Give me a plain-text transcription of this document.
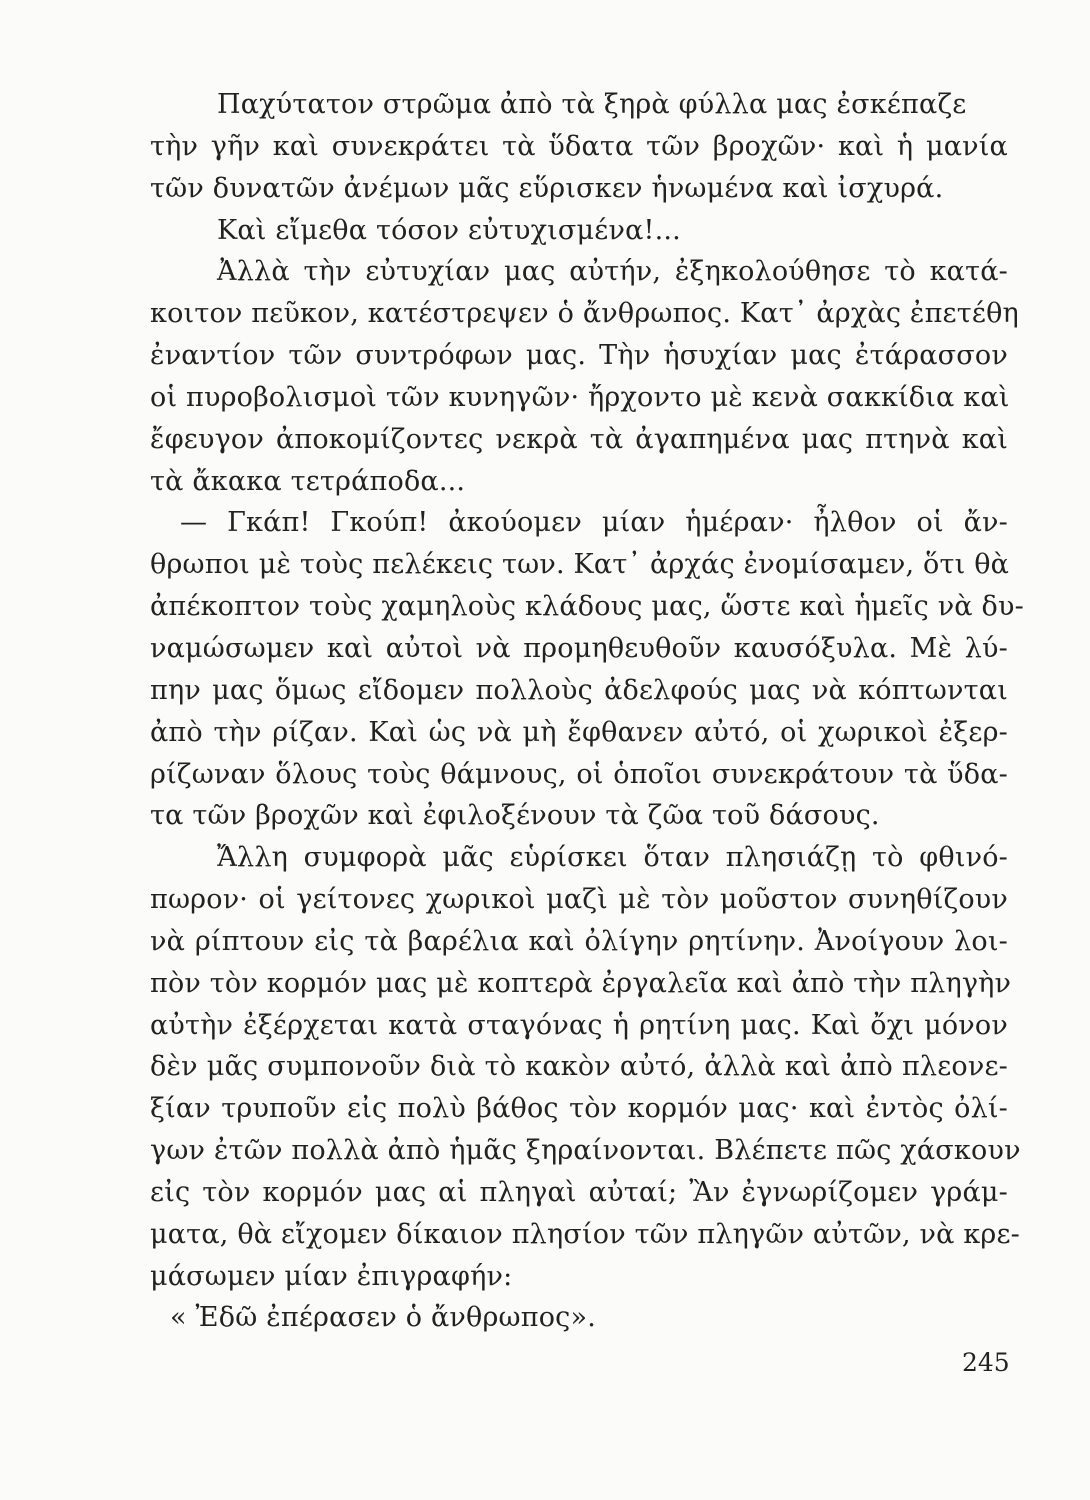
Παχύτατον στρῶμα ἀπὸ τὰ ξηρὰ φύλλα μας ἐσκέπαζε
τὴν γῆν καὶ συνεκράτει τὰ ὕδατα τῶν βροχῶν· καὶ ἡ μανία
τῶν δυνατῶν ἀνέμων μᾶς εὕρισκεν ἡνωμένα καὶ ἰσχυρά.
Καὶ εἴμεθα τόσον εὐτυχισμένα!...
Ἀλλὰ τὴν εὐτυχίαν μας αὐτήν, ἐξηκολούθησε τὸ κατά-
κοιτον πεῦκον, κατέστρεψεν ὁ ἄνθρωπος. Κατ᾽ ἀρχὰς ἐπετέθη
ἐναντίον τῶν συντρόφων μας. Τὴν ἡσυχίαν μας ἐτάρασσον
οἱ πυροβολισμοὶ τῶν κυνηγῶν· ἤρχοντο μὲ κενὰ σακκίδια καὶ
ἔφευγον ἀποκομίζοντες νεκρὰ τὰ ἀγαπημένα μας πτηνὰ καὶ
τὰ ἄκακα τετράποδα...
— Γκάπ! Γκούπ! ἀκούομεν μίαν ἡμέραν· ἦλθον οἱ ἄν-
θρωποι μὲ τοὺς πελέκεις των. Κατ᾽ ἀρχάς ἐνομίσαμεν, ὅτι θὰ
ἀπέκοπτον τοὺς χαμηλοὺς κλάδους μας, ὥστε καὶ ἡμεῖς νὰ δυ-
ναμώσωμεν καὶ αὐτοὶ νὰ προμηθευθοῦν καυσόξυλα. Μὲ λύ-
πην μας ὅμως εἴδομεν πολλοὺς ἀδελφούς μας νὰ κόπτωνται
ἀπὸ τὴν ρίζαν. Καὶ ὡς νὰ μὴ ἔφθανεν αὐτό, οἱ χωρικοὶ ἐξερ-
ρίζωναν ὅλους τοὺς θάμνους, οἱ ὁποῖοι συνεκράτουν τὰ ὕδα-
τα τῶν βροχῶν καὶ ἐφιλοξένουν τὰ ζῶα τοῦ δάσους.
Ἄλλη συμφορὰ μᾶς εὑρίσκει ὅταν πλησιάζῃ τὸ φθινό-
πωρον· οἱ γείτονες χωρικοὶ μαζὶ μὲ τὸν μοῦστον συνηθίζουν
νὰ ρίπτουν εἰς τὰ βαρέλια καὶ ὀλίγην ρητίνην. Ἀνοίγουν λοι-
πὸν τὸν κορμόν μας μὲ κοπτερὰ ἐργαλεῖα καὶ ἀπὸ τὴν πληγὴν
αὐτὴν ἐξέρχεται κατὰ σταγόνας ἡ ρητίνη μας. Καὶ ὄχι μόνον
δὲν μᾶς συμπονοῦν διὰ τὸ κακὸν αὐτό, ἀλλὰ καὶ ἀπὸ πλεονε-
ξίαν τρυποῦν εἰς πολὺ βάθος τὸν κορμόν μας· καὶ ἐντὸς ὀλί-
γων ἐτῶν πολλὰ ἀπὸ ἡμᾶς ξηραίνονται. Βλέπετε πῶς χάσκουν
εἰς τὸν κορμόν μας αἱ πληγαὶ αὐταί; Ἂν ἐγνωρίζομεν γράμ-
ματα, θὰ εἴχομεν δίκαιον πλησίον τῶν πληγῶν αὐτῶν, νὰ κρε-
μάσωμεν μίαν ἐπιγραφήν:
« Ἐδῶ ἐπέρασεν ὁ ἄνθρωπος».
245
